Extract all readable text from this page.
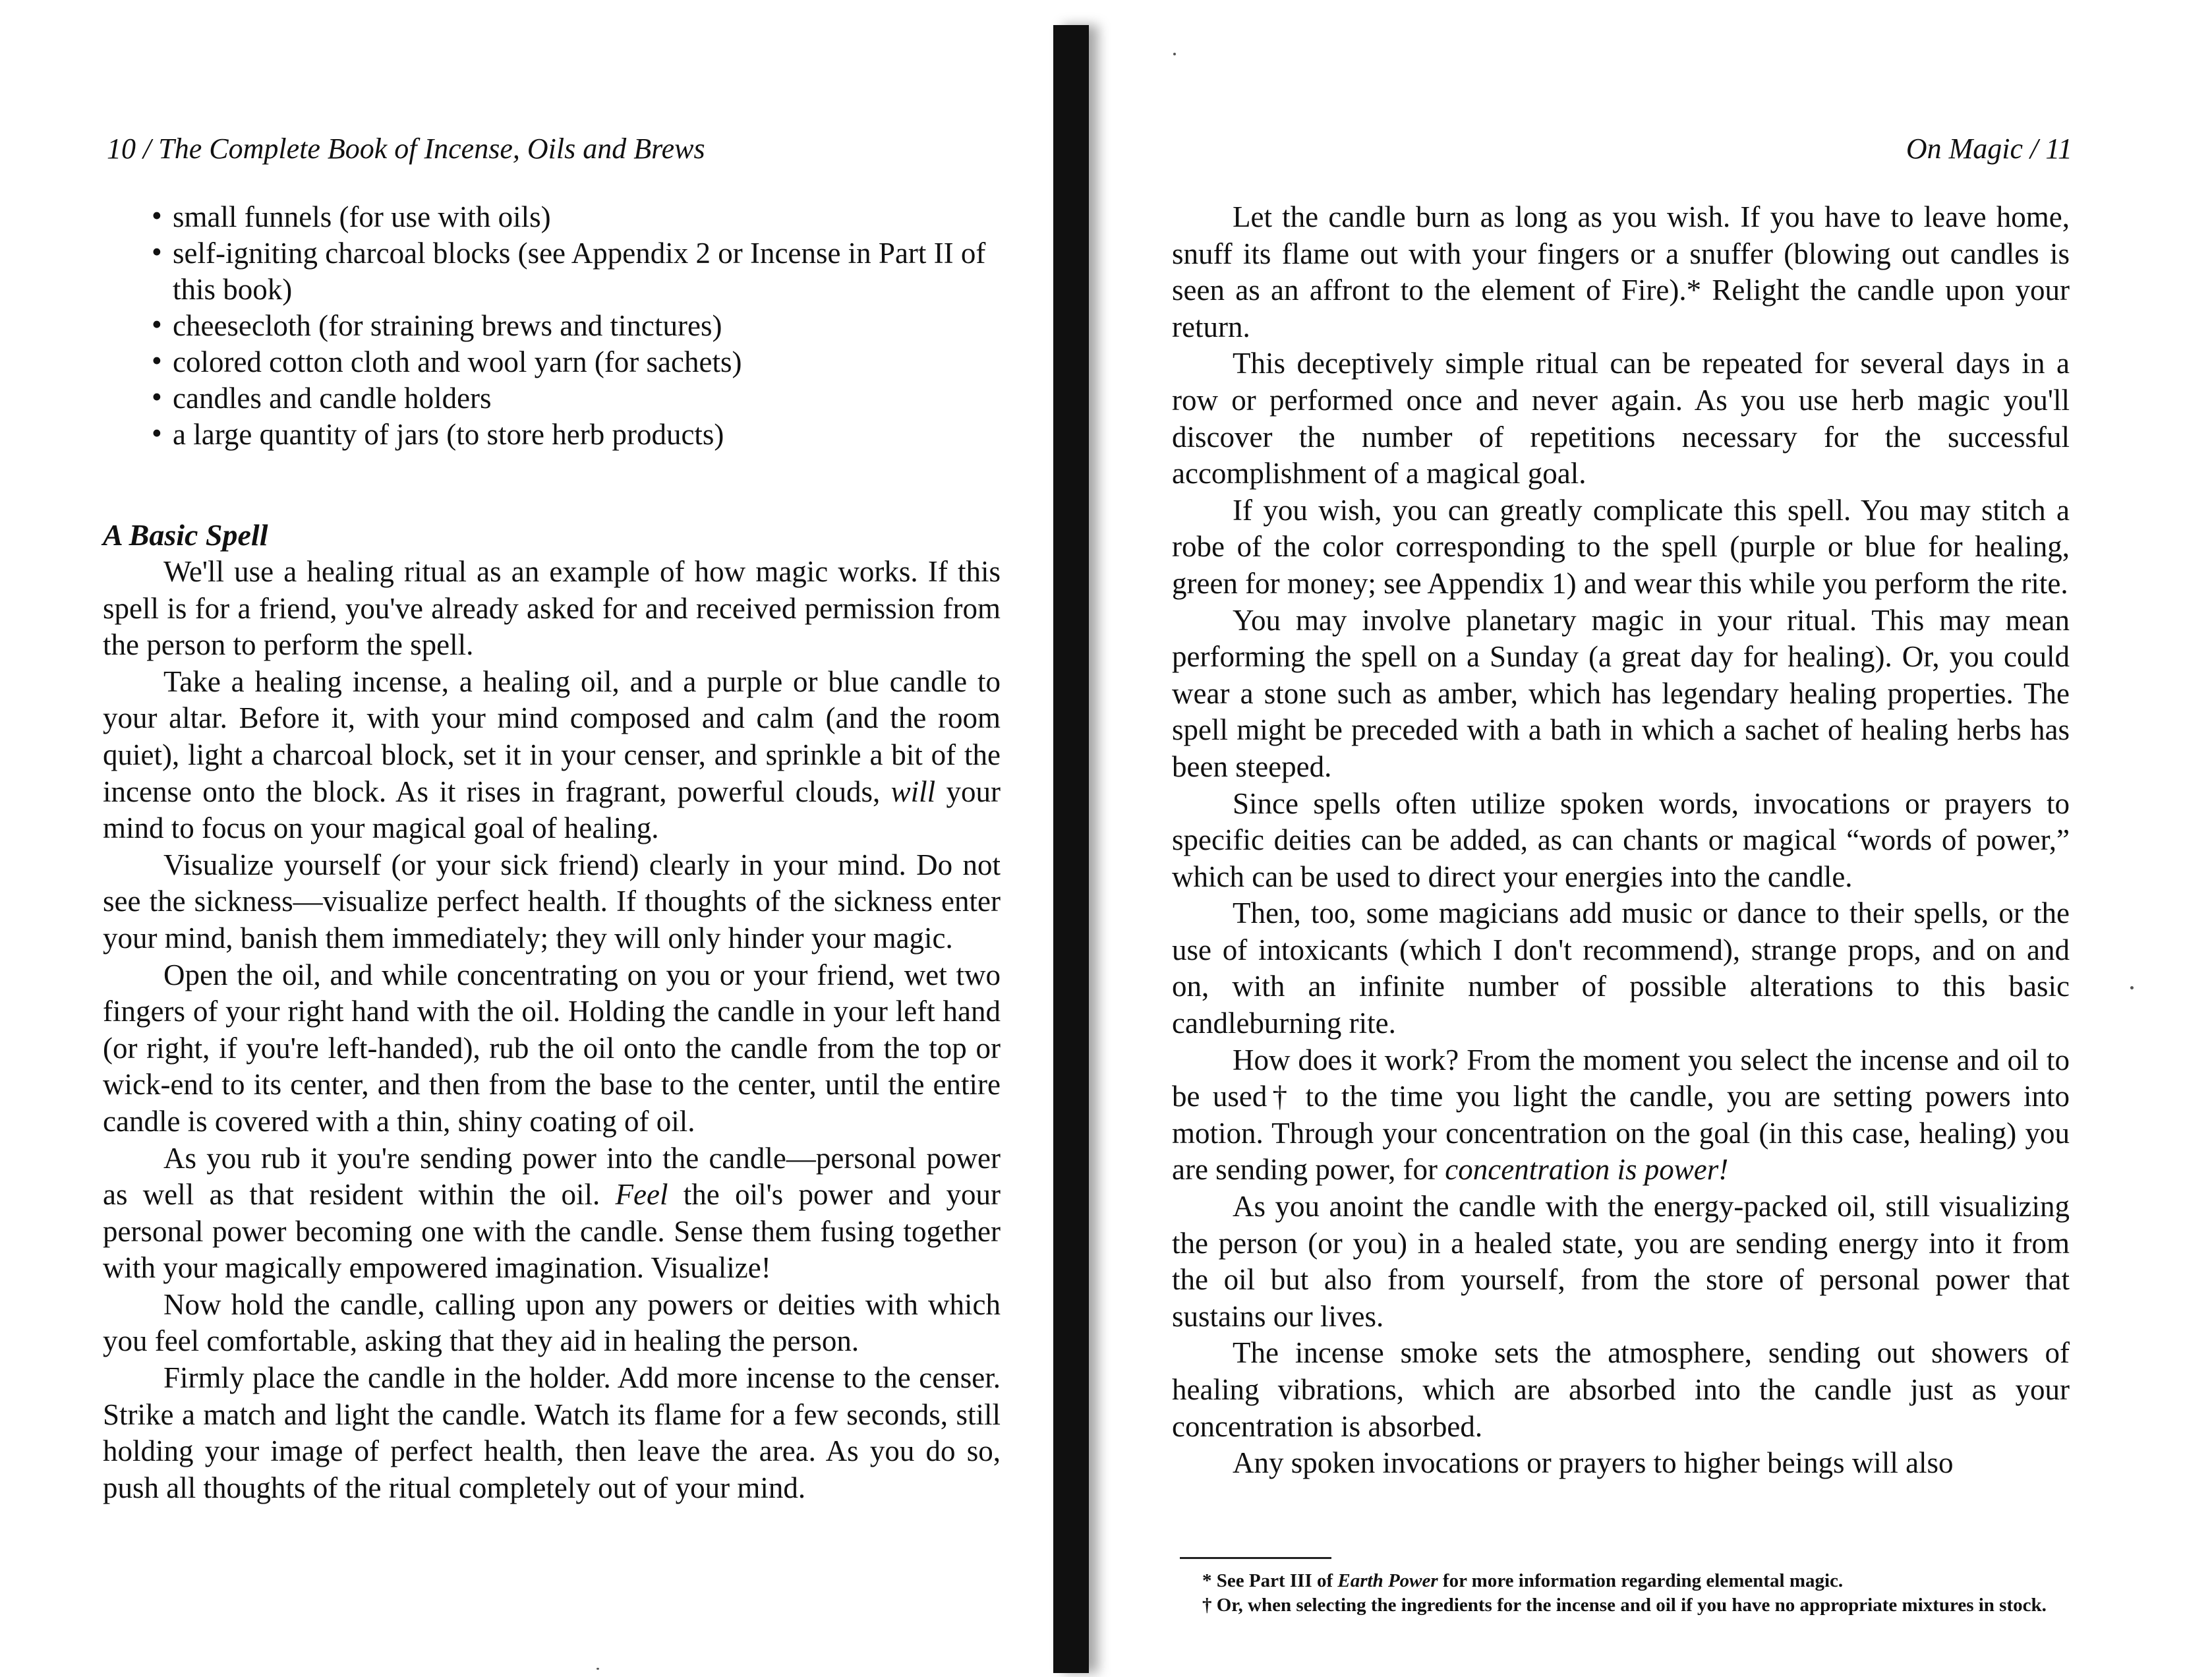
10 / The Complete Book of Incense, Oils and Brews
• small funnels (for use with oils)
• self-igniting charcoal blocks (see Appendix 2 or Incense in Part II of this book)
• cheesecloth (for straining brews and tinctures)
• colored cotton cloth and wool yarn (for sachets)
• candles and candle holders
• a large quantity of jars (to store herb products)
A Basic Spell

We'll use a healing ritual as an example of how magic works. If this spell is for a friend, you've already asked for and received permission from the person to perform the spell.

Take a healing incense, a healing oil, and a purple or blue candle to your altar. Before it, with your mind composed and calm (and the room quiet), light a charcoal block, set it in your censer, and sprinkle a bit of the incense onto the block. As it rises in fragrant, powerful clouds, will your mind to focus on your magical goal of healing.

Visualize yourself (or your sick friend) clearly in your mind. Do not see the sickness—visualize perfect health. If thoughts of the sickness enter your mind, banish them immediately; they will only hinder your magic.

Open the oil, and while concentrating on you or your friend, wet two fingers of your right hand with the oil. Holding the candle in your left hand (or right, if you're left-handed), rub the oil onto the candle from the top or wick-end to its center, and then from the base to the center, until the entire candle is covered with a thin, shiny coating of oil.

As you rub it you're sending power into the candle—personal power as well as that resident within the oil. Feel the oil's power and your personal power becoming one with the candle. Sense them fusing together with your magically empowered imagination. Visualize!

Now hold the candle, calling upon any powers or deities with which you feel comfortable, asking that they aid in healing the person.

Firmly place the candle in the holder. Add more incense to the censer. Strike a match and light the candle. Watch its flame for a few seconds, still holding your image of perfect health, then leave the area. As you do so, push all thoughts of the ritual completely out of your mind.

On Magic / 11

Let the candle burn as long as you wish. If you have to leave home, snuff its flame out with your fingers or a snuffer (blowing out candles is seen as an affront to the element of Fire).* Relight the candle upon your return.

This deceptively simple ritual can be repeated for several days in a row or performed once and never again. As you use herb magic you'll discover the number of repetitions necessary for the successful accomplishment of a magical goal.

If you wish, you can greatly complicate this spell. You may stitch a robe of the color corresponding to the spell (purple or blue for healing, green for money; see Appendix 1) and wear this while you perform the rite.

You may involve planetary magic in your ritual. This may mean performing the spell on a Sunday (a great day for healing). Or, you could wear a stone such as amber, which has legendary healing properties. The spell might be preceded with a bath in which a sachet of healing herbs has been steeped.

Since spells often utilize spoken words, invocations or prayers to specific deities can be added, as can chants or magical “words of power,” which can be used to direct your energies into the candle.

Then, too, some magicians add music or dance to their spells, or the use of intoxicants (which I don't recommend), strange props, and on and on, with an infinite number of possible alterations to this basic candleburning rite.

How does it work? From the moment you select the incense and oil to be used† to the time you light the candle, you are setting powers into motion. Through your concentration on the goal (in this case, healing) you are sending power, for concentration is power!

As you anoint the candle with the energy-packed oil, still visualizing the person (or you) in a healed state, you are sending energy into it from the oil but also from yourself, from the store of personal power that sustains our lives.

The incense smoke sets the atmosphere, sending out showers of healing vibrations, which are absorbed into the candle just as your concentration is absorbed.

Any spoken invocations or prayers to higher beings will also

* See Part III of Earth Power for more information regarding elemental magic.

† Or, when selecting the ingredients for the incense and oil if you have no appropriate mixtures in stock.
